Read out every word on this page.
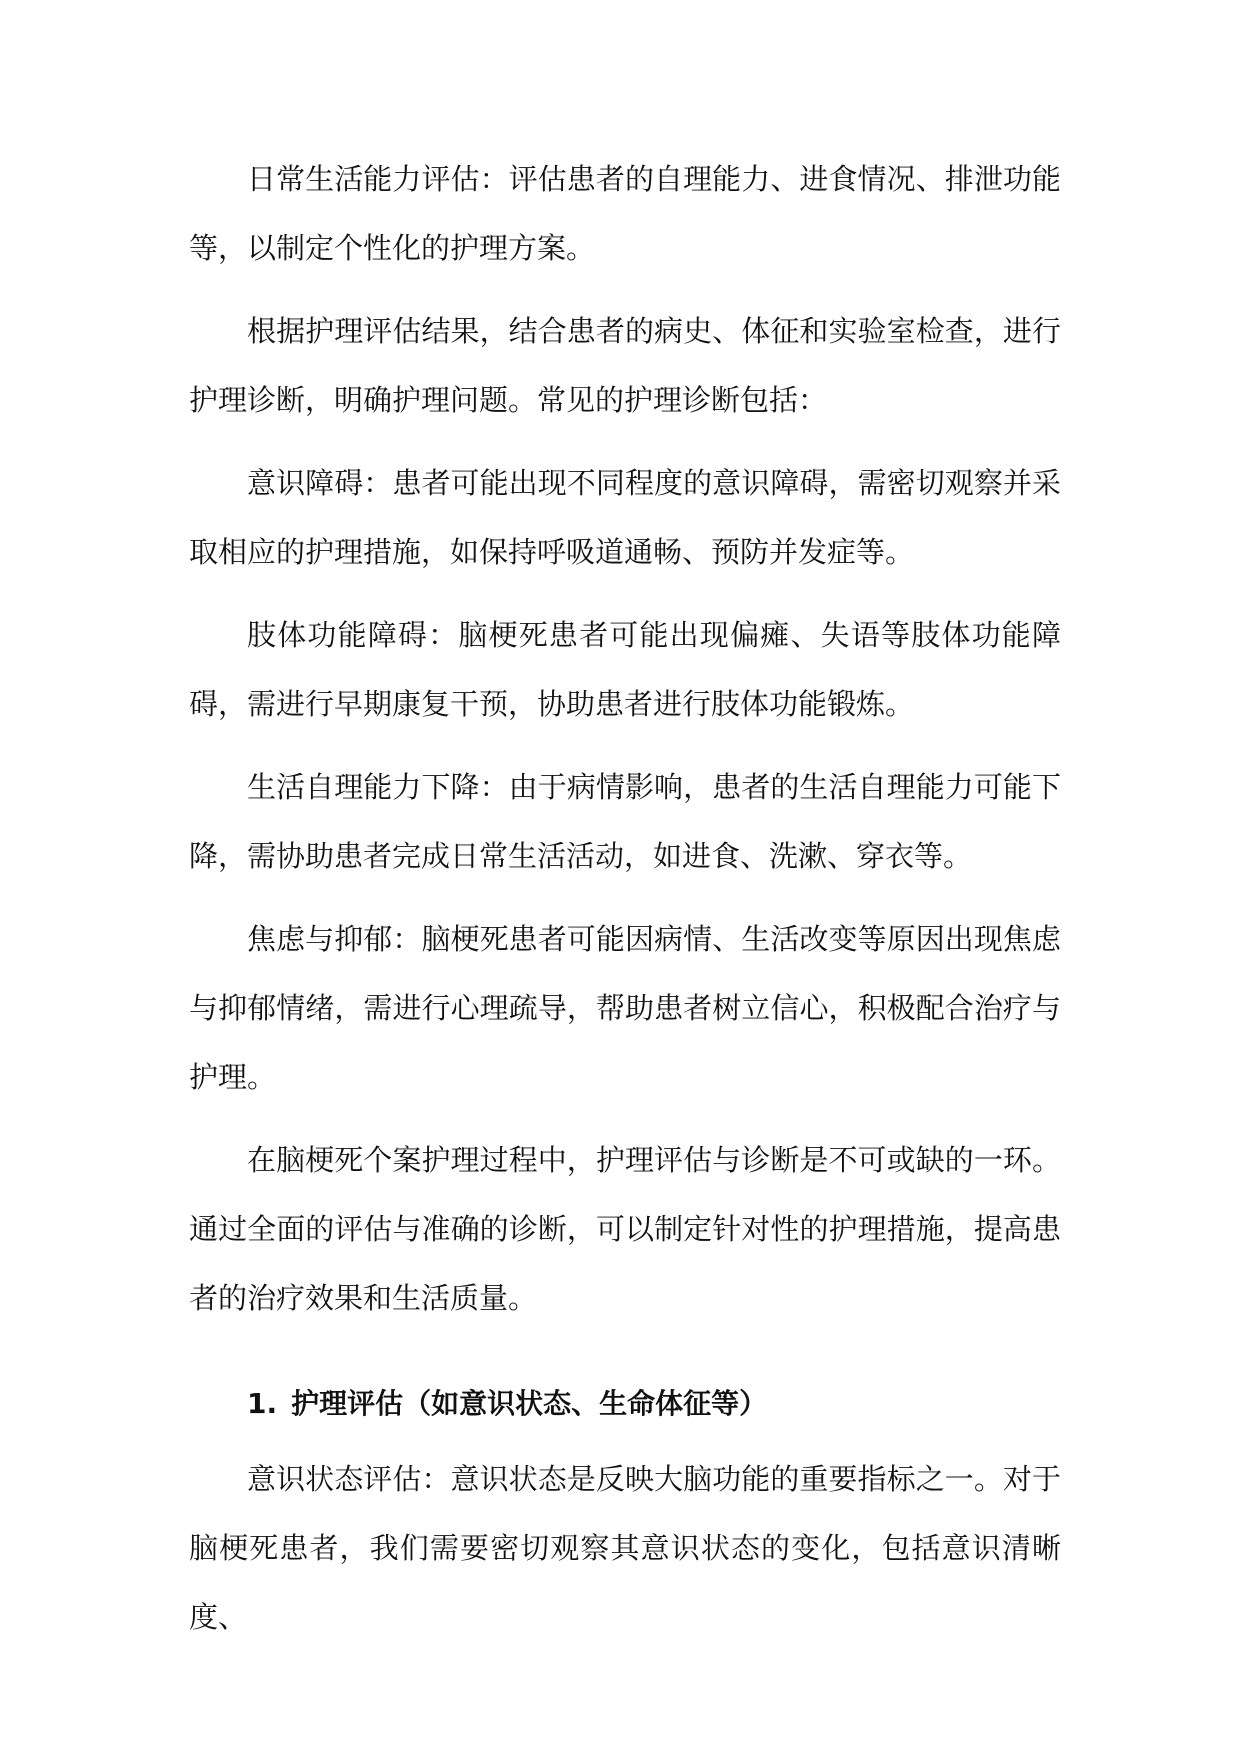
日常生活能力评估：评估患者的自理能力、进食情况、排泄功能等，以制定个性化的护理方案。

根据护理评估结果，结合患者的病史、体征和实验室检查，进行护理诊断，明确护理问题。常见的护理诊断包括：

意识障碍：患者可能出现不同程度的意识障碍，需密切观察并采取相应的护理措施，如保持呼吸道通畅、预防并发症等。

肢体功能障碍：脑梗死患者可能出现偏瘫、失语等肢体功能障碍，需进行早期康复干预，协助患者进行肢体功能锻炼。

生活自理能力下降：由于病情影响，患者的生活自理能力可能下降，需协助患者完成日常生活活动，如进食、洗漱、穿衣等。

焦虑与抑郁：脑梗死患者可能因病情、生活改变等原因出现焦虑与抑郁情绪，需进行心理疏导，帮助患者树立信心，积极配合治疗与护理。

在脑梗死个案护理过程中，护理评估与诊断是不可或缺的一环。通过全面的评估与准确的诊断，可以制定针对性的护理措施，提高患者的治疗效果和生活质量。

1. 护理评估（如意识状态、生命体征等）

意识状态评估：意识状态是反映大脑功能的重要指标之一。对于脑梗死患者，我们需要密切观察其意识状态的变化，包括意识清晰度、
